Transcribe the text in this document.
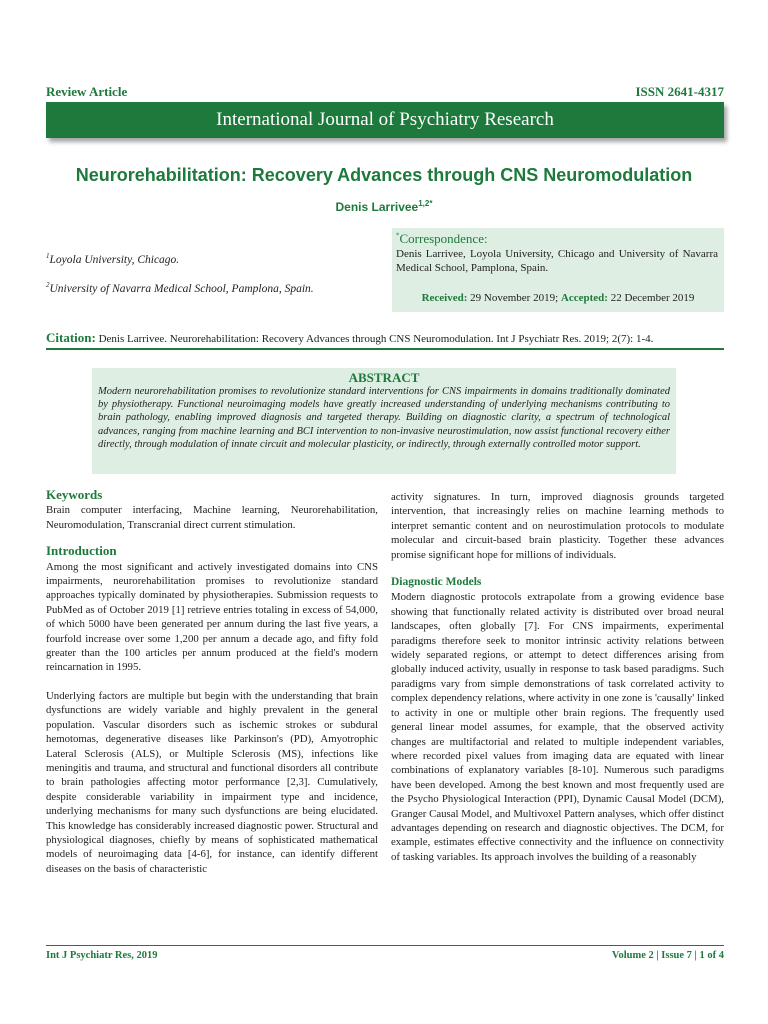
Review Article	ISSN 2641-4317
International Journal of Psychiatry Research
Neurorehabilitation: Recovery Advances through CNS Neuromodulation
Denis Larrivee$^{1,2*}$
$^1$Loyola University, Chicago.
$^2$University of Navarra Medical School, Pamplona, Spain.
*Correspondence:
Denis Larrivee, Loyola University, Chicago and University of Navarra Medical School, Pamplona, Spain.
Received: 29 November 2019; Accepted: 22 December 2019
Citation: Denis Larrivee. Neurorehabilitation: Recovery Advances through CNS Neuromodulation. Int J Psychiatr Res. 2019; 2(7): 1-4.
ABSTRACT
Modern neurorehabilitation promises to revolutionize standard interventions for CNS impairments in domains traditionally dominated by physiotherapy. Functional neuroimaging models have greatly increased understanding of underlying mechanisms contributing to brain pathology, enabling improved diagnosis and targeted therapy. Building on diagnostic clarity, a spectrum of technological advances, ranging from machine learning and BCI intervention to non-invasive neurostimulation, now assist functional recovery either directly, through modulation of innate circuit and molecular plasticity, or indirectly, through externally controlled motor support.
Keywords

Brain computer interfacing, Machine learning, Neurorehabilitation, Neuromodulation, Transcranial direct current stimulation.

Introduction

Among the most significant and actively investigated domains into CNS impairments, neurorehabilitation promises to revolutionize standard approaches typically dominated by physiotherapies. Submission requests to PubMed as of October 2019 [1] retrieve entries totaling in excess of 54,000, of which 5000 have been generated per annum during the last five years, a fourfold increase over some 1,200 per annum a decade ago, and fifty fold greater than the 100 articles per annum produced at the field's modern reincarnation in 1995.

Underlying factors are multiple but begin with the understanding that brain dysfunctions are widely variable and highly prevalent in the general population. Vascular disorders such as ischemic strokes or subdural hemotomas, degenerative diseases like Parkinson's (PD), Amyotrophic Lateral Sclerosis (ALS), or Multiple Sclerosis (MS), infections like meningitis and trauma, and structural and functional disorders all contribute to brain pathologies affecting motor performance [2,3]. Cumulatively, despite considerable variability in impairment type and incidence, underlying mechanisms for many such dysfunctions are being elucidated. This knowledge has considerably increased diagnostic power. Structural and physiological diagnoses, chiefly by means of sophisticated mathematical models of neuroimaging data [4-6], for instance, can identify different diseases on the basis of characteristic

activity signatures. In turn, improved diagnosis grounds targeted intervention, that increasingly relies on machine learning methods to interpret semantic content and on neurostimulation protocols to modulate molecular and circuit-based brain plasticity. Together these advances promise significant hope for millions of individuals.

Diagnostic Models

Modern diagnostic protocols extrapolate from a growing evidence base showing that functionally related activity is distributed over broad neural landscapes, often globally [7]. For CNS impairments, experimental paradigms therefore seek to monitor intrinsic activity relations between widely separated regions, or attempt to detect differences arising from globally induced activity, usually in response to task based paradigms. Such paradigms vary from simple demonstrations of task correlated activity to complex dependency relations, where activity in one zone is 'causally' linked to activity in one or multiple other brain regions. The frequently used general linear model assumes, for example, that the observed activity changes are multifactorial and related to multiple independent variables, where recorded pixel values from imaging data are equated with linear combinations of explanatory variables [8-10]. Numerous such paradigms have been developed. Among the best known and most frequently used are the Psycho Physiological Interaction (PPI), Dynamic Causal Model (DCM), Granger Causal Model, and Multivoxel Pattern analyses, which offer distinct advantages depending on research and diagnostic objectives. The DCM, for example, estimates effective connectivity and the influence on connectivity of tasking variables. Its approach involves the building of a reasonably

Int J Psychiatr Res, 2019	Volume 2 | Issue 7 | 1 of 4
